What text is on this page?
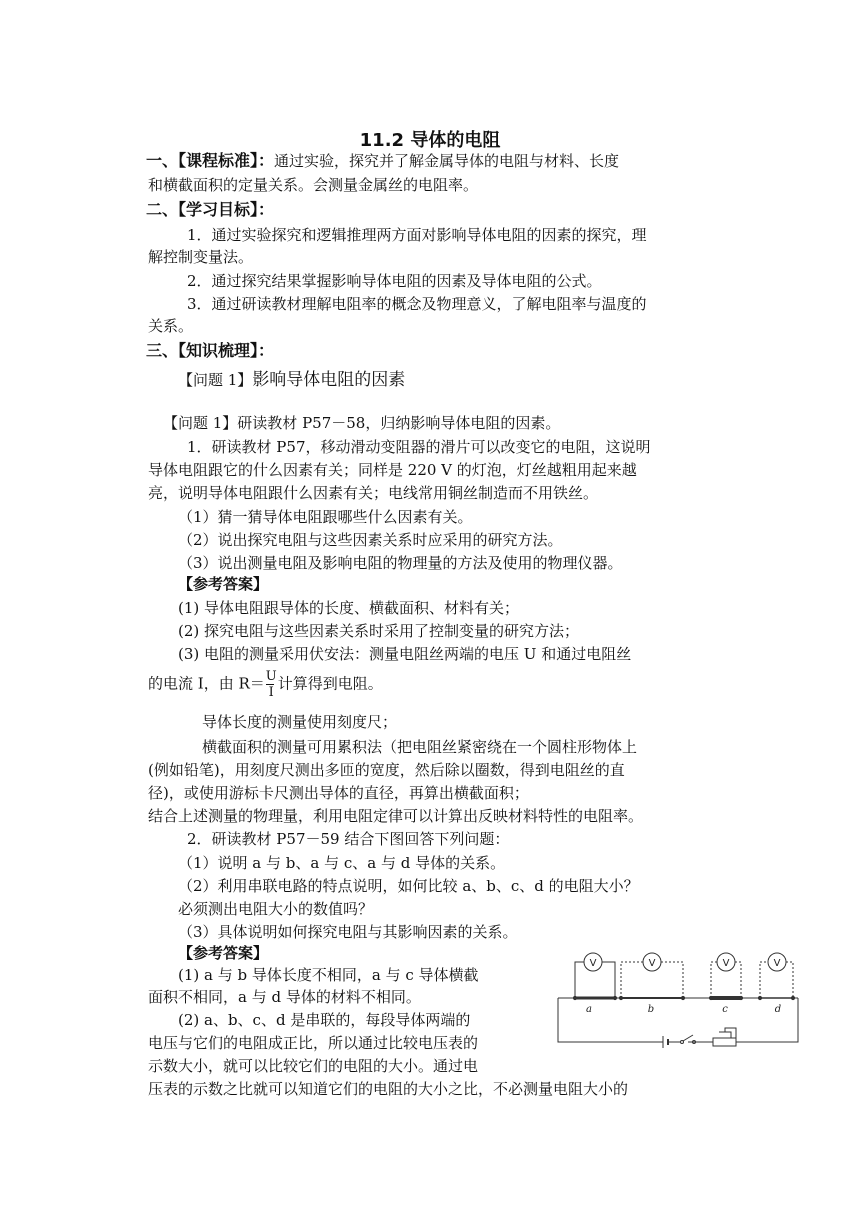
11.2 导体的电阻
一、【课程标准】：通过实验，探究并了解金属导体的电阻与材料、长度
和横截面积的定量关系。会测量金属丝的电阻率。
二、【学习目标】：
1．通过实验探究和逻辑推理两方面对影响导体电阻的因素的探究，理
解控制变量法。
2．通过探究结果掌握影响导体电阻的因素及导体电阻的公式。
3．通过研读教材理解电阻率的概念及物理意义，了解电阻率与温度的
关系。
三、【知识梳理】：
【问题 1】影响导体电阻的因素
【问题 1】研读教材 P57－58，归纳影响导体电阻的因素。
1．研读教材 P57，移动滑动变阻器的滑片可以改变它的电阻，这说明
导体电阻跟它的什么因素有关；同样是 220 V 的灯泡，灯丝越粗用起来越
亮，说明导体电阻跟什么因素有关；电线常用铜丝制造而不用铁丝。
（1）猜一猜导体电阻跟哪些什么因素有关。
（2）说出探究电阻与这些因素关系时应采用的研究方法。
（3）说出测量电阻及影响电阻的物理量的方法及使用的物理仪器。
【参考答案】
(1) 导体电阻跟导体的长度、横截面积、材料有关；
(2) 探究电阻与这些因素关系时采用了控制变量的研究方法；
(3) 电阻的测量采用伏安法：测量电阻丝两端的电压 U 和通过电阻丝
的电流 I，由 $R= \frac{U}{I}$ 计算得到电阻。
导体长度的测量使用刻度尺；
横截面积的测量可用累积法（把电阻丝紧密绕在一个圆柱形物体上
(例如铅笔)，用刻度尺测出多匝的宽度，然后除以圈数，得到电阻丝的直
径)，或使用游标卡尺测出导体的直径，再算出横截面积；
结合上述测量的物理量，利用电阻定律可以计算出反映材料特性的电阻率。
2．研读教材 P57－59 结合下图回答下列问题：
（1）说明 a 与 b、a 与 c、a 与 d 导体的关系。
（2）利用串联电路的特点说明，如何比较 a、b、c、d 的电阻大小？
必须测出电阻大小的数值吗？
（3）具体说明如何探究电阻与其影响因素的关系。
【参考答案】
(1) a 与 b 导体长度不相同，a 与 c 导体横截
面积不相同，a 与 d 导体的材料不相同。
(2) a、b、c、d 是串联的，每段导体两端的
电压与它们的电阻成正比，所以通过比较电压表的
示数大小，就可以比较它们的电阻的大小。通过电
压表的示数之比就可以知道它们的电阻的大小之比，不必测量电阻大小的
V	V	V	V
a	b	c	d
